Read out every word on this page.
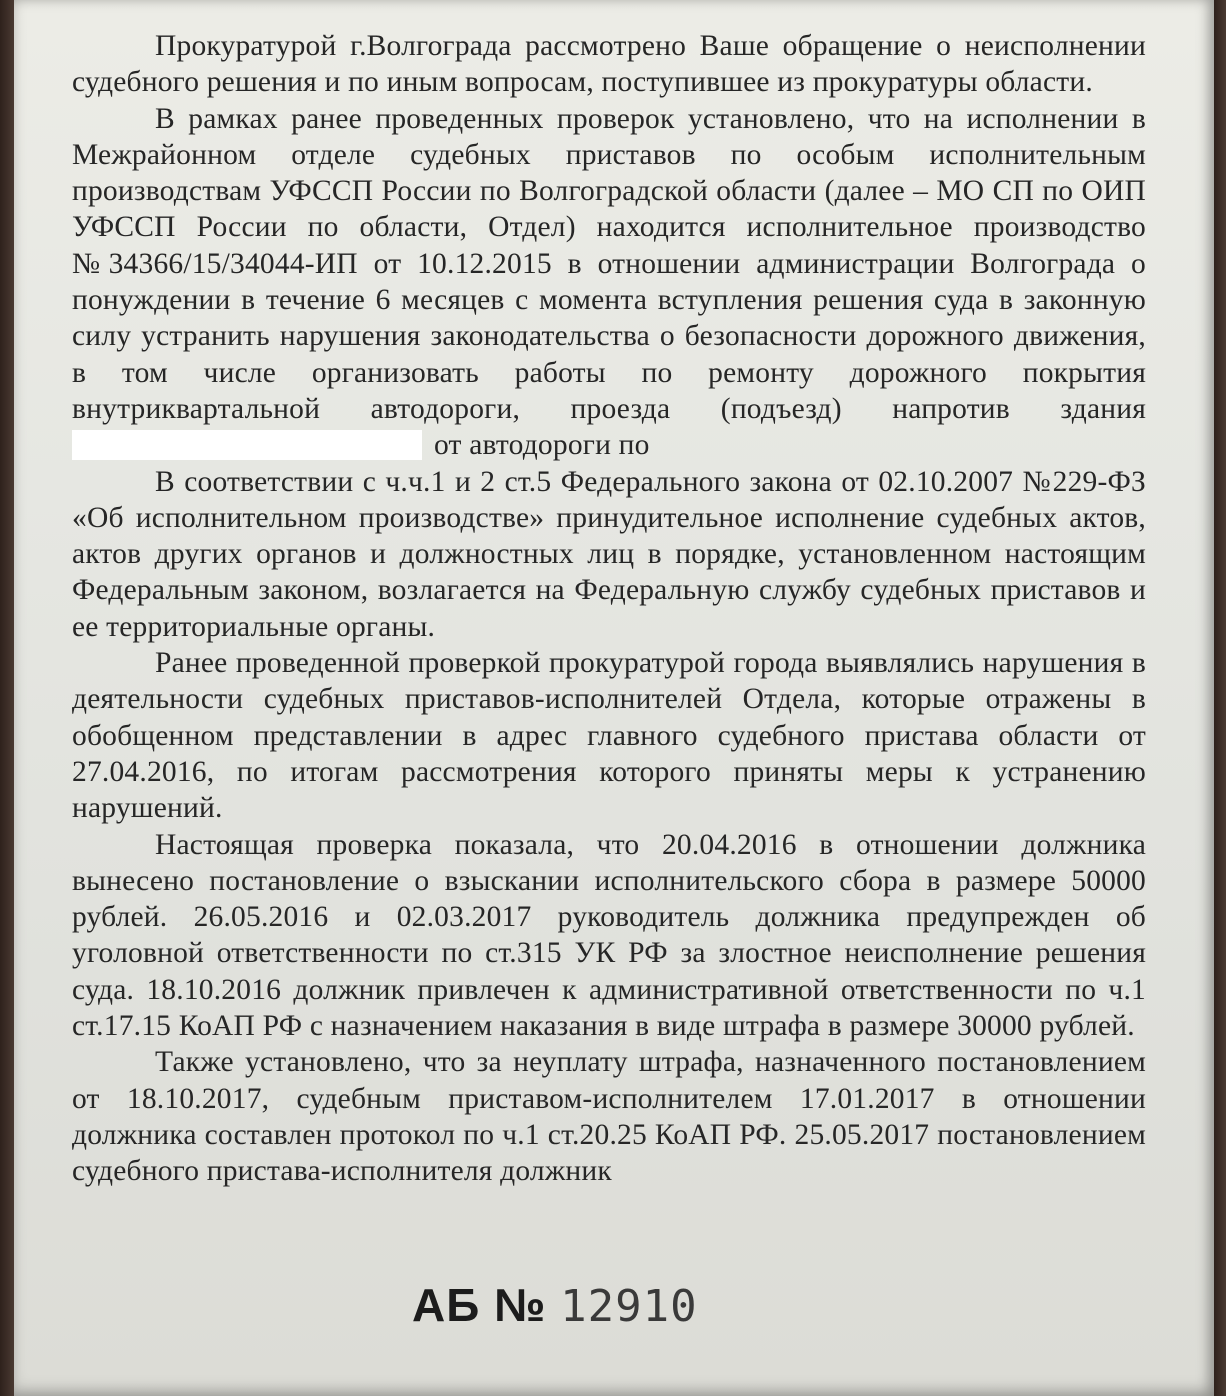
Прокуратурой г.Волгограда рассмотрено Ваше обращение о неисполнении судебного решения и по иным вопросам, поступившее из прокуратуры области.

В рамках ранее проведенных проверок установлено, что на исполнении в Межрайонном отделе судебных приставов по особым исполнительным производствам УФССП России по Волгоградской области (далее – МО СП по ОИП УФССП России по области, Отдел) находится исполнительное производство №34366/15/34044-ИП от 10.12.2015 в отношении администрации Волгограда о понуждении в течение 6 месяцев с момента вступления решения суда в законную силу устранить нарушения законодательства о безопасности дорожного движения, в том числе организовать работы по ремонту дорожного покрытия внутриквартальной автодороги, проезда (подъезд) напротив здания

от автодороги по

В соответствии с ч.ч.1 и 2 ст.5 Федерального закона от 02.10.2007 №229-ФЗ «Об исполнительном производстве» принудительное исполнение судебных актов, актов других органов и должностных лиц в порядке, установленном настоящим Федеральным законом, возлагается на Федеральную службу судебных приставов и ее территориальные органы.

Ранее проведенной проверкой прокуратурой города выявлялись нарушения в деятельности судебных приставов-исполнителей Отдела, которые отражены в обобщенном представлении в адрес главного судебного пристава области от 27.04.2016, по итогам рассмотрения которого приняты меры к устранению нарушений.

Настоящая проверка показала, что 20.04.2016 в отношении должника вынесено постановление о взыскании исполнительского сбора в размере 50000 рублей. 26.05.2016 и 02.03.2017 руководитель должника предупрежден об уголовной ответственности по ст.315 УК РФ за злостное неисполнение решения суда. 18.10.2016 должник привлечен к административной ответственности по ч.1 ст.17.15 КоАП РФ с назначением наказания в виде штрафа в размере 30000 рублей.

Также установлено, что за неуплату штрафа, назначенного постановлением от 18.10.2017, судебным приставом-исполнителем 17.01.2017 в отношении должника составлен протокол по ч.1 ст.20.25 КоАП РФ. 25.05.2017 постановлением судебного пристава-исполнителя должник

АБ № 12910
